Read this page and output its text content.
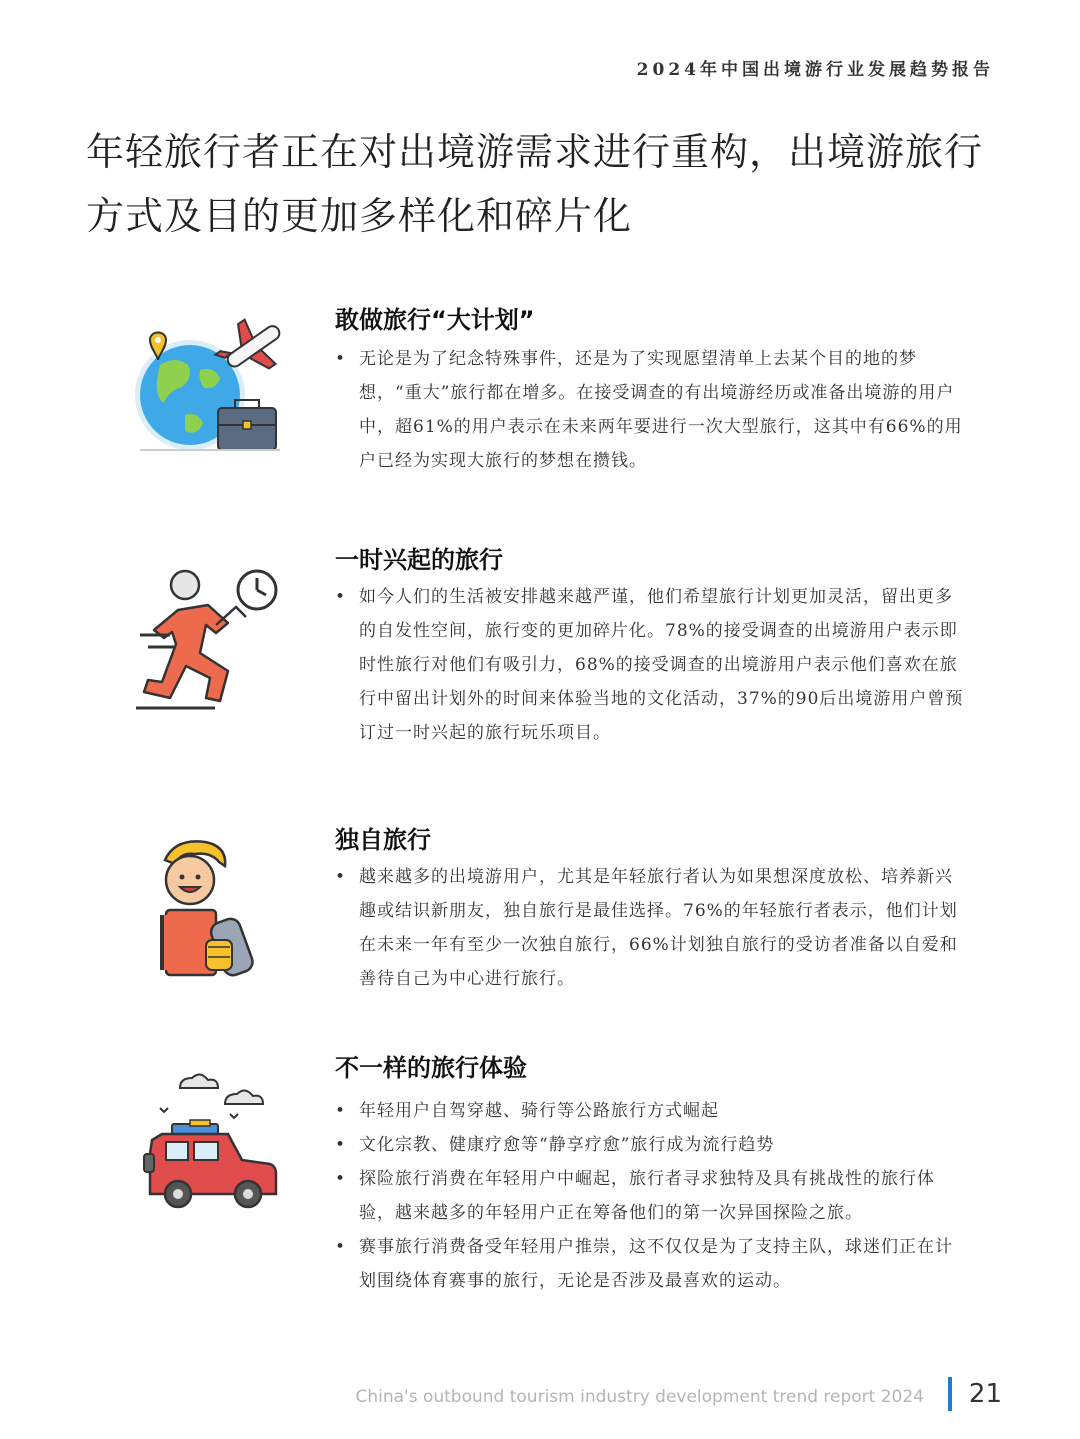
2024年中国出境游行业发展趋势报告
年轻旅行者正在对出境游需求进行重构，出境游旅行方式及目的更加多样化和碎片化
敢做旅行“大计划”
• 无论是为了纪念特殊事件，还是为了实现愿望清单上去某个目的地的梦想，“重大”旅行都在增多。在接受调查的有出境游经历或准备出境游的用户中，超61%的用户表示在未来两年要进行一次大型旅行，这其中有66%的用户已经为实现大旅行的梦想在攒钱。
一时兴起的旅行
• 如今人们的生活被安排越来越严谨，他们希望旅行计划更加灵活，留出更多的自发性空间，旅行变的更加碎片化。78%的接受调查的出境游用户表示即时性旅行对他们有吸引力，68%的接受调查的出境游用户表示他们喜欢在旅行中留出计划外的时间来体验当地的文化活动，37%的90后出境游用户曾预订过一时兴起的旅行玩乐项目。
独自旅行
• 越来越多的出境游用户，尤其是年轻旅行者认为如果想深度放松、培养新兴趣或结识新朋友，独自旅行是最佳选择。76%的年轻旅行者表示，他们计划在未来一年有至少一次独自旅行，66%计划独自旅行的受访者准备以自爱和善待自己为中心进行旅行。
不一样的旅行体验
• 年轻用户自驾穿越、骑行等公路旅行方式崛起
• 文化宗教、健康疗愈等“静享疗愈”旅行成为流行趋势
• 探险旅行消费在年轻用户中崛起，旅行者寻求独特及具有挑战性的旅行体验，越来越多的年轻用户正在筹备他们的第一次异国探险之旅。
• 赛事旅行消费备受年轻用户推崇，这不仅仅是为了支持主队，球迷们正在计划围绕体育赛事的旅行，无论是否涉及最喜欢的运动。
China's outbound tourism industry development trend report 2024 21
